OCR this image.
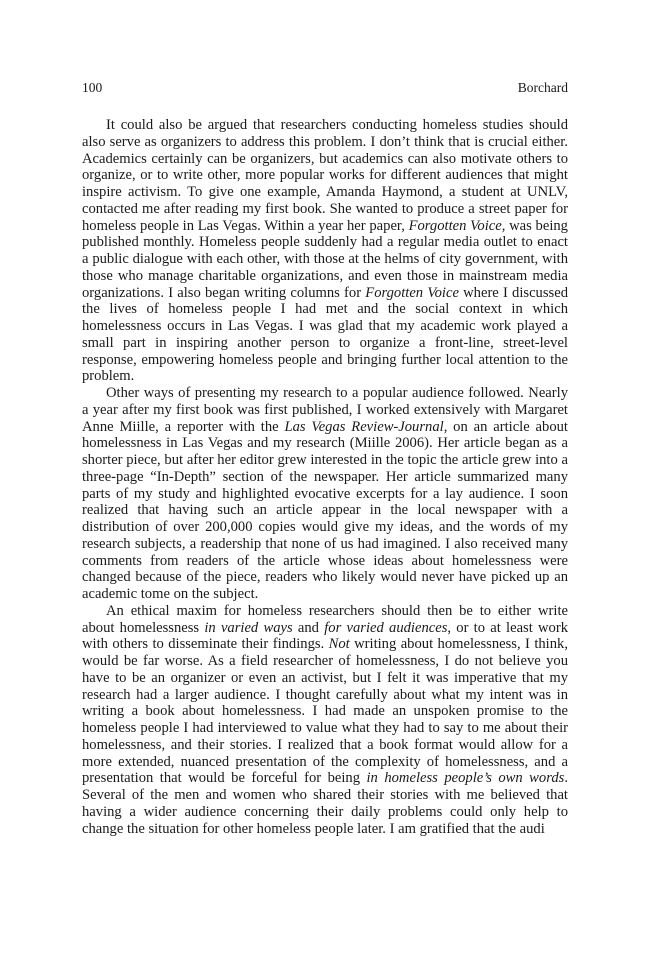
100	Borchard

It could also be argued that researchers conducting homeless studies should also serve as organizers to address this problem. I don’t think that is crucial either. Academics certainly can be organizers, but academics can also motivate others to organize, or to write other, more popular works for different audiences that might inspire activism. To give one example, Amanda Haymond, a student at UNLV, contacted me after reading my first book. She wanted to produce a street paper for homeless people in Las Vegas. Within a year her paper, Forgotten Voice, was being published monthly. Homeless people suddenly had a regular media outlet to enact a public dialogue with each other, with those at the helms of city government, with those who manage charitable organizations, and even those in mainstream media organizations. I also began writing columns for Forgotten Voice where I discussed the lives of homeless people I had met and the social context in which homelessness occurs in Las Vegas. I was glad that my academic work played a small part in inspiring another person to organize a front-line, street-level response, empowering homeless people and bringing further local attention to the problem.

Other ways of presenting my research to a popular audience followed. Nearly a year after my first book was first published, I worked extensively with Margaret Anne Miille, a reporter with the Las Vegas Review-Journal, on an article about homelessness in Las Vegas and my research (Miille 2006). Her article began as a shorter piece, but after her editor grew interested in the topic the article grew into a three-page “In-Depth” section of the newspaper. Her article summarized many parts of my study and highlighted evocative excerpts for a lay audience. I soon realized that having such an article appear in the local newspaper with a distribution of over 200,000 copies would give my ideas, and the words of my research subjects, a readership that none of us had imagined. I also received many comments from readers of the article whose ideas about homelessness were changed because of the piece, readers who likely would never have picked up an academic tome on the subject.

An ethical maxim for homeless researchers should then be to either write about homelessness in varied ways and for varied audiences, or to at least work with others to disseminate their findings. Not writing about homelessness, I think, would be far worse. As a field researcher of homelessness, I do not believe you have to be an organizer or even an activist, but I felt it was imperative that my research had a larger audience. I thought carefully about what my intent was in writing a book about homelessness. I had made an unspoken promise to the homeless people I had interviewed to value what they had to say to me about their homelessness, and their stories. I realized that a book format would allow for a more extended, nuanced presentation of the complexity of homelessness, and a presentation that would be forceful for being in homeless people’s own words. Several of the men and women who shared their stories with me believed that having a wider audience concerning their daily problems could only help to change the situation for other homeless people later. I am gratified that the audi
